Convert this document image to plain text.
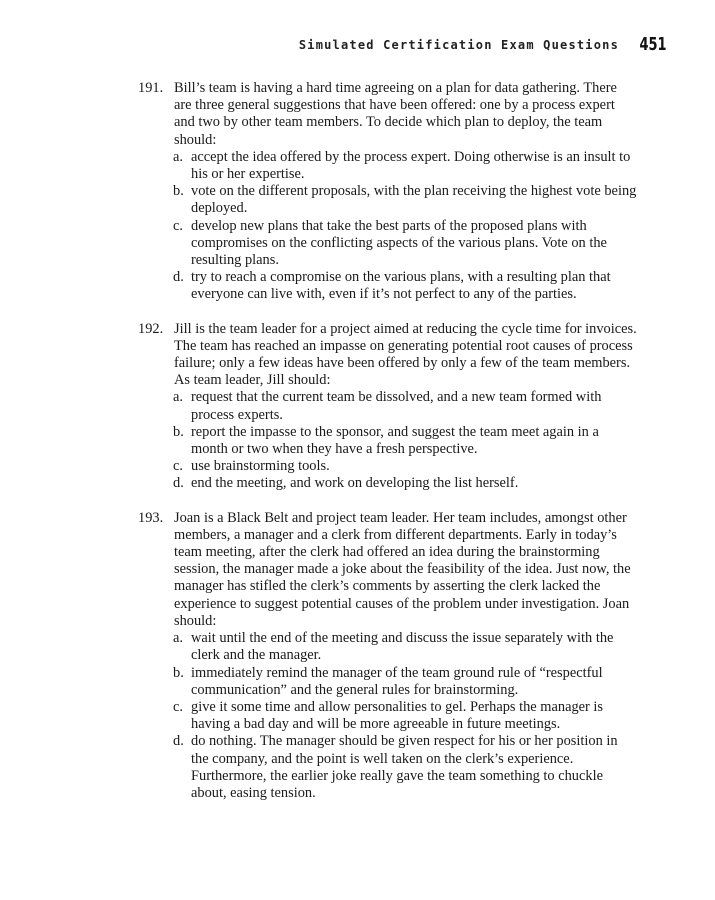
Simulated Certification Exam Questions 451
191. Bill’s team is having a hard time agreeing on a plan for data gathering. There are three general suggestions that have been offered: one by a process expert and two by other team members. To decide which plan to deploy, the team should:
a. accept the idea offered by the process expert. Doing otherwise is an insult to his or her expertise.
b. vote on the different proposals, with the plan receiving the highest vote being deployed.
c. develop new plans that take the best parts of the proposed plans with compromises on the conflicting aspects of the various plans. Vote on the resulting plans.
d. try to reach a compromise on the various plans, with a resulting plan that everyone can live with, even if it’s not perfect to any of the parties.
192. Jill is the team leader for a project aimed at reducing the cycle time for invoices. The team has reached an impasse on generating potential root causes of process failure; only a few ideas have been offered by only a few of the team members. As team leader, Jill should:
a. request that the current team be dissolved, and a new team formed with process experts.
b. report the impasse to the sponsor, and suggest the team meet again in a month or two when they have a fresh perspective.
c. use brainstorming tools.
d. end the meeting, and work on developing the list herself.
193. Joan is a Black Belt and project team leader. Her team includes, amongst other members, a manager and a clerk from different departments. Early in today’s team meeting, after the clerk had offered an idea during the brainstorming session, the manager made a joke about the feasibility of the idea. Just now, the manager has stifled the clerk’s comments by asserting the clerk lacked the experience to suggest potential causes of the problem under investigation. Joan should:
a. wait until the end of the meeting and discuss the issue separately with the clerk and the manager.
b. immediately remind the manager of the team ground rule of “respectful communication” and the general rules for brainstorming.
c. give it some time and allow personalities to gel. Perhaps the manager is having a bad day and will be more agreeable in future meetings.
d. do nothing. The manager should be given respect for his or her position in the company, and the point is well taken on the clerk’s experience. Furthermore, the earlier joke really gave the team something to chuckle about, easing tension.
